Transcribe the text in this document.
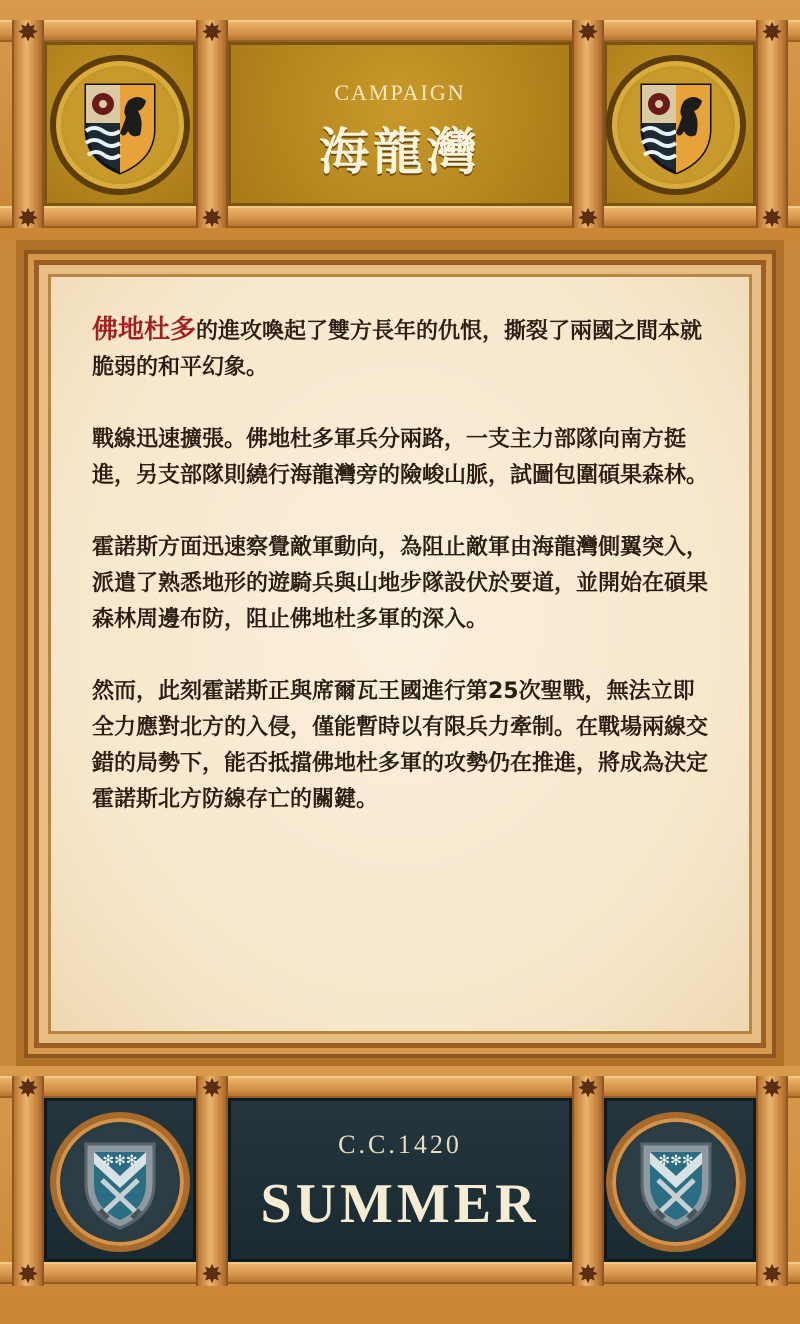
✸	✸	✸	✸
✸	✸	✸	✸
CAMPAIGN
海龍灣

佛地杜多的進攻喚起了雙方長年的仇恨，撕裂了兩國之間本就脆弱的和平幻象。

戰線迅速擴張。佛地杜多軍兵分兩路，一支主力部隊向南方挺進，另支部隊則繞行海龍灣旁的險峻山脈，試圖包圍碩果森林。

霍諾斯方面迅速察覺敵軍動向，為阻止敵軍由海龍灣側翼突入，派遣了熟悉地形的遊騎兵與山地步隊設伏於要道，並開始在碩果森林周邊布防，阻止佛地杜多軍的深入。

然而，此刻霍諾斯正與席爾瓦王國進行第25次聖戰，無法立即全力應對北方的入侵，僅能暫時以有限兵力牽制。在戰場兩線交錯的局勢下，能否抵擋佛地杜多軍的攻勢仍在推進，將成為決定霍諾斯北方防線存亡的關鍵。

✸	✸	✸	✸
✸	✸	✸	✸
✻✻✻	✻✻✻
C.C.1420
SUMMER
